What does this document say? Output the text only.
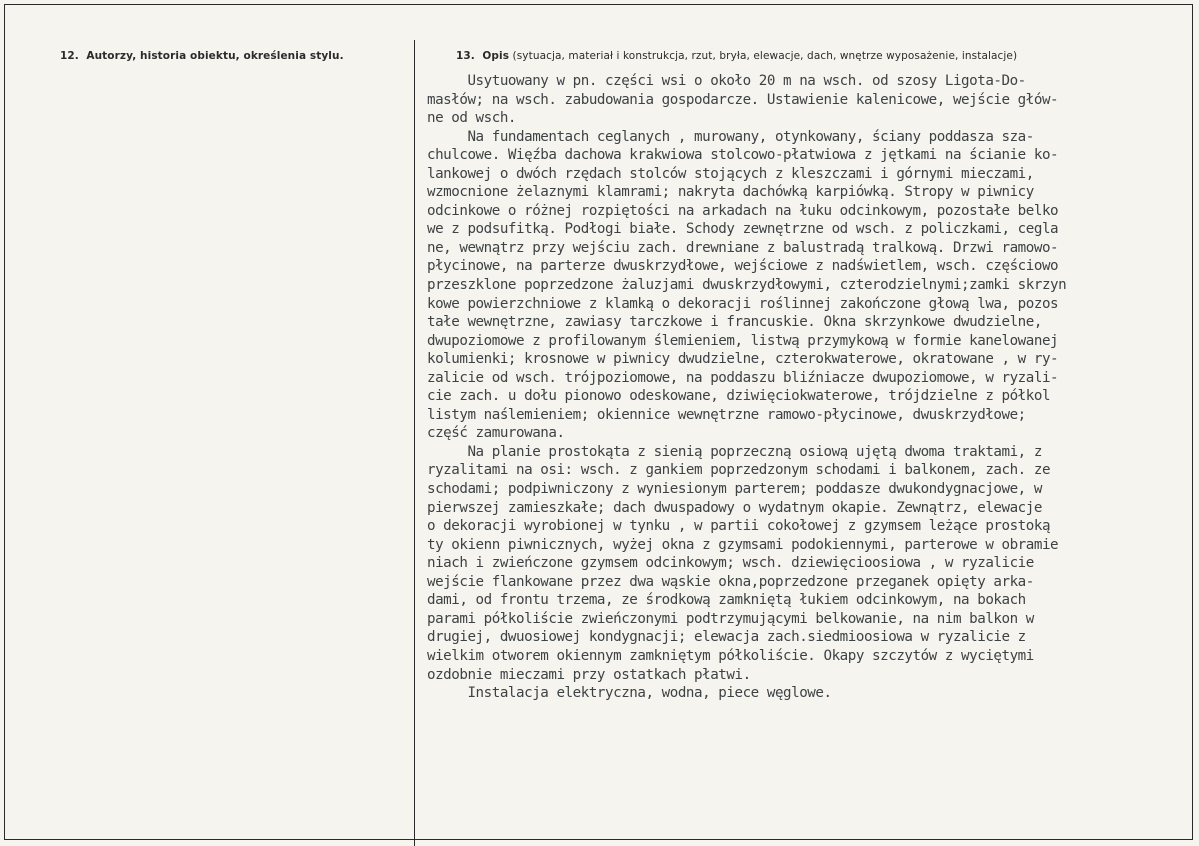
12. Autorzy, historia obiektu, określenia stylu.	13. Opis (sytuacja, materiał i konstrukcja, rzut, bryła, elewacje, dach, wnętrze wyposażenie, instalacje)
Usytuowany w pn. części wsi o około 20 m na wsch. od szosy Ligota-Do-
masłów; na wsch. zabudowania gospodarcze. Ustawienie kalenicowe, wejście głów-
ne od wsch.
Na fundamentach ceglanych , murowany, otynkowany, ściany poddasza sza-
chulcowe. Więźba dachowa krakwiowa stolcowo-płatwiowa z jętkami na ścianie ko-
lankowej o dwóch rzędach stolców stojących z kleszczami i górnymi mieczami,
wzmocnione żelaznymi klamrami; nakryta dachówką karpiówką. Stropy w piwnicy
odcinkowe o różnej rozpiętości na arkadach na łuku odcinkowym, pozostałe belko
we z podsufitką. Podłogi białe. Schody zewnętrzne od wsch. z policzkami, cegla
ne, wewnątrz przy wejściu zach. drewniane z balustradą tralkową. Drzwi ramowo-
płycinowe, na parterze dwuskrzydłowe, wejściowe z nadświetlem, wsch. częściowo
przeszklone poprzedzone żaluzjami dwuskrzydłowymi, czterodzielnymi;zamki skrzyn
kowe powierzchniowe z klamką o dekoracji roślinnej zakończone głową lwa, pozos
tałe wewnętrzne, zawiasy tarczkowe i francuskie. Okna skrzynkowe dwudzielne,
dwupoziomowe z profilowanym ślemieniem, listwą przymykową w formie kanelowanej
kolumienki; krosnowe w piwnicy dwudzielne, czterokwaterowe, okratowane , w ry-
zalicie od wsch. trójpoziomowe, na poddaszu bliźniacze dwupoziomowe, w ryzali-
cie zach. u dołu pionowo odeskowane, dziwięciokwaterowe, trójdzielne z półkol
listym naślemieniem; okiennice wewnętrzne ramowo-płycinowe, dwuskrzydłowe;
część zamurowana.
Na planie prostokąta z sienią poprzeczną osiową ujętą dwoma traktami, z
ryzalitami na osi: wsch. z gankiem poprzedzonym schodami i balkonem, zach. ze
schodami; podpiwniczony z wyniesionym parterem; poddasze dwukondygnacjowe, w
pierwszej zamieszkałe; dach dwuspadowy o wydatnym okapie. Zewnątrz, elewacje
o dekoracji wyrobionej w tynku , w partii cokołowej z gzymsem leżące prostoką
ty okienn piwnicznych, wyżej okna z gzymsami podokiennymi, parterowe w obramie
niach i zwieńczone gzymsem odcinkowym; wsch. dziewięcioosiowa , w ryzalicie
wejście flankowane przez dwa wąskie okna,poprzedzone przeganek opięty arka-
dami, od frontu trzema, ze środkową zamkniętą łukiem odcinkowym, na bokach
parami półkoliście zwieńczonymi podtrzymującymi belkowanie, na nim balkon w
drugiej, dwuosiowej kondygnacji; elewacja zach.siedmioosiowa w ryzalicie z
wielkim otworem okiennym zamkniętym półkoliście. Okapy szczytów z wyciętymi
ozdobnie mieczami przy ostatkach płatwi.
Instalacja elektryczna, wodna, piece węglowe.
